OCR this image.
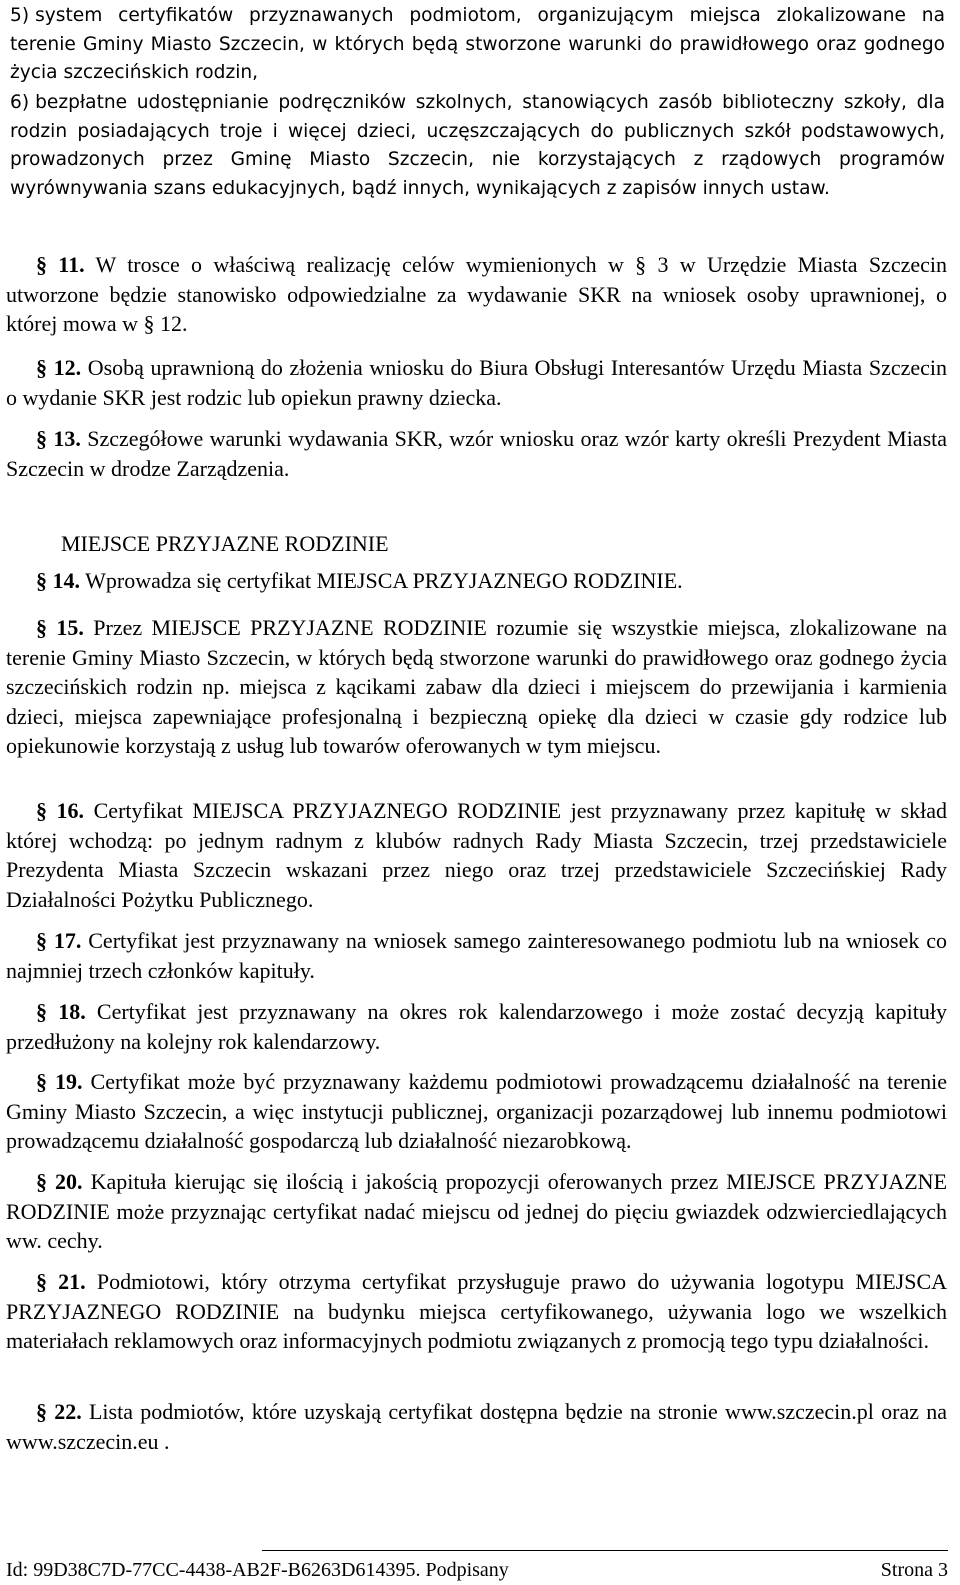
5) system certyfikatów przyznawanych podmiotom, organizującym miejsca zlokalizowane na terenie Gminy Miasto Szczecin, w których będą stworzone warunki do prawidłowego oraz godnego życia szczecińskich rodzin,
6) bezpłatne udostępnianie podręczników szkolnych, stanowiących zasób biblioteczny szkoły, dla rodzin posiadających troje i więcej dzieci, uczęszczających do publicznych szkół podstawowych, prowadzonych przez Gminę Miasto Szczecin, nie korzystających z rządowych programów wyrównywania szans edukacyjnych, bądź innych, wynikających z zapisów innych ustaw.
§ 11. W trosce o właściwą realizację celów wymienionych w § 3 w Urzędzie Miasta Szczecin utworzone będzie stanowisko odpowiedzialne za wydawanie SKR na wniosek osoby uprawnionej, o której mowa w § 12.
§ 12. Osobą uprawnioną do złożenia wniosku do Biura Obsługi Interesantów Urzędu Miasta Szczecin o wydanie SKR jest rodzic lub opiekun prawny dziecka.
§ 13. Szczegółowe warunki wydawania SKR, wzór wniosku oraz wzór karty określi Prezydent Miasta Szczecin w drodze Zarządzenia.
MIEJSCE PRZYJAZNE RODZINIE
§ 14. Wprowadza się certyfikat MIEJSCA PRZYJAZNEGO RODZINIE.
§ 15. Przez MIEJSCE PRZYJAZNE RODZINIE rozumie się wszystkie miejsca, zlokalizowane na terenie Gminy Miasto Szczecin, w których będą stworzone warunki do prawidłowego oraz godnego życia szczecińskich rodzin np. miejsca z kącikami zabaw dla dzieci i miejscem do przewijania i karmienia dzieci, miejsca zapewniające profesjonalną i bezpieczną opiekę dla dzieci w czasie gdy rodzice lub opiekunowie korzystają z usług lub towarów oferowanych w tym miejscu.
§ 16. Certyfikat MIEJSCA PRZYJAZNEGO RODZINIE jest przyznawany przez kapitułę w skład której wchodzą: po jednym radnym z klubów radnych Rady Miasta Szczecin, trzej przedstawiciele Prezydenta Miasta Szczecin wskazani przez niego oraz trzej przedstawiciele Szczecińskiej Rady Działalności Pożytku Publicznego.
§ 17. Certyfikat jest przyznawany na wniosek samego zainteresowanego podmiotu lub na wniosek co najmniej trzech członków kapituły.
§ 18. Certyfikat jest przyznawany na okres rok kalendarzowego i może zostać decyzją kapituły przedłużony na kolejny rok kalendarzowy.
§ 19. Certyfikat może być przyznawany każdemu podmiotowi prowadzącemu działalność na terenie Gminy Miasto Szczecin, a więc instytucji publicznej, organizacji pozarządowej lub innemu podmiotowi prowadzącemu działalność gospodarczą lub działalność niezarobkową.
§ 20. Kapituła kierując się ilością i jakością propozycji oferowanych przez MIEJSCE PRZYJAZNE RODZINIE może przyznając certyfikat nadać miejscu od jednej do pięciu gwiazdek odzwierciedlających ww. cechy.
§ 21. Podmiotowi, który otrzyma certyfikat przysługuje prawo do używania logotypu MIEJSCA PRZYJAZNEGO RODZINIE na budynku miejsca certyfikowanego, używania logo we wszelkich materiałach reklamowych oraz informacyjnych podmiotu związanych z promocją tego typu działalności.
§ 22. Lista podmiotów, które uzyskają certyfikat dostępna będzie na stronie www.szczecin.pl oraz na www.szczecin.eu .
Id: 99D38C7D-77CC-4438-AB2F-B6263D614395. Podpisany	Strona 3
